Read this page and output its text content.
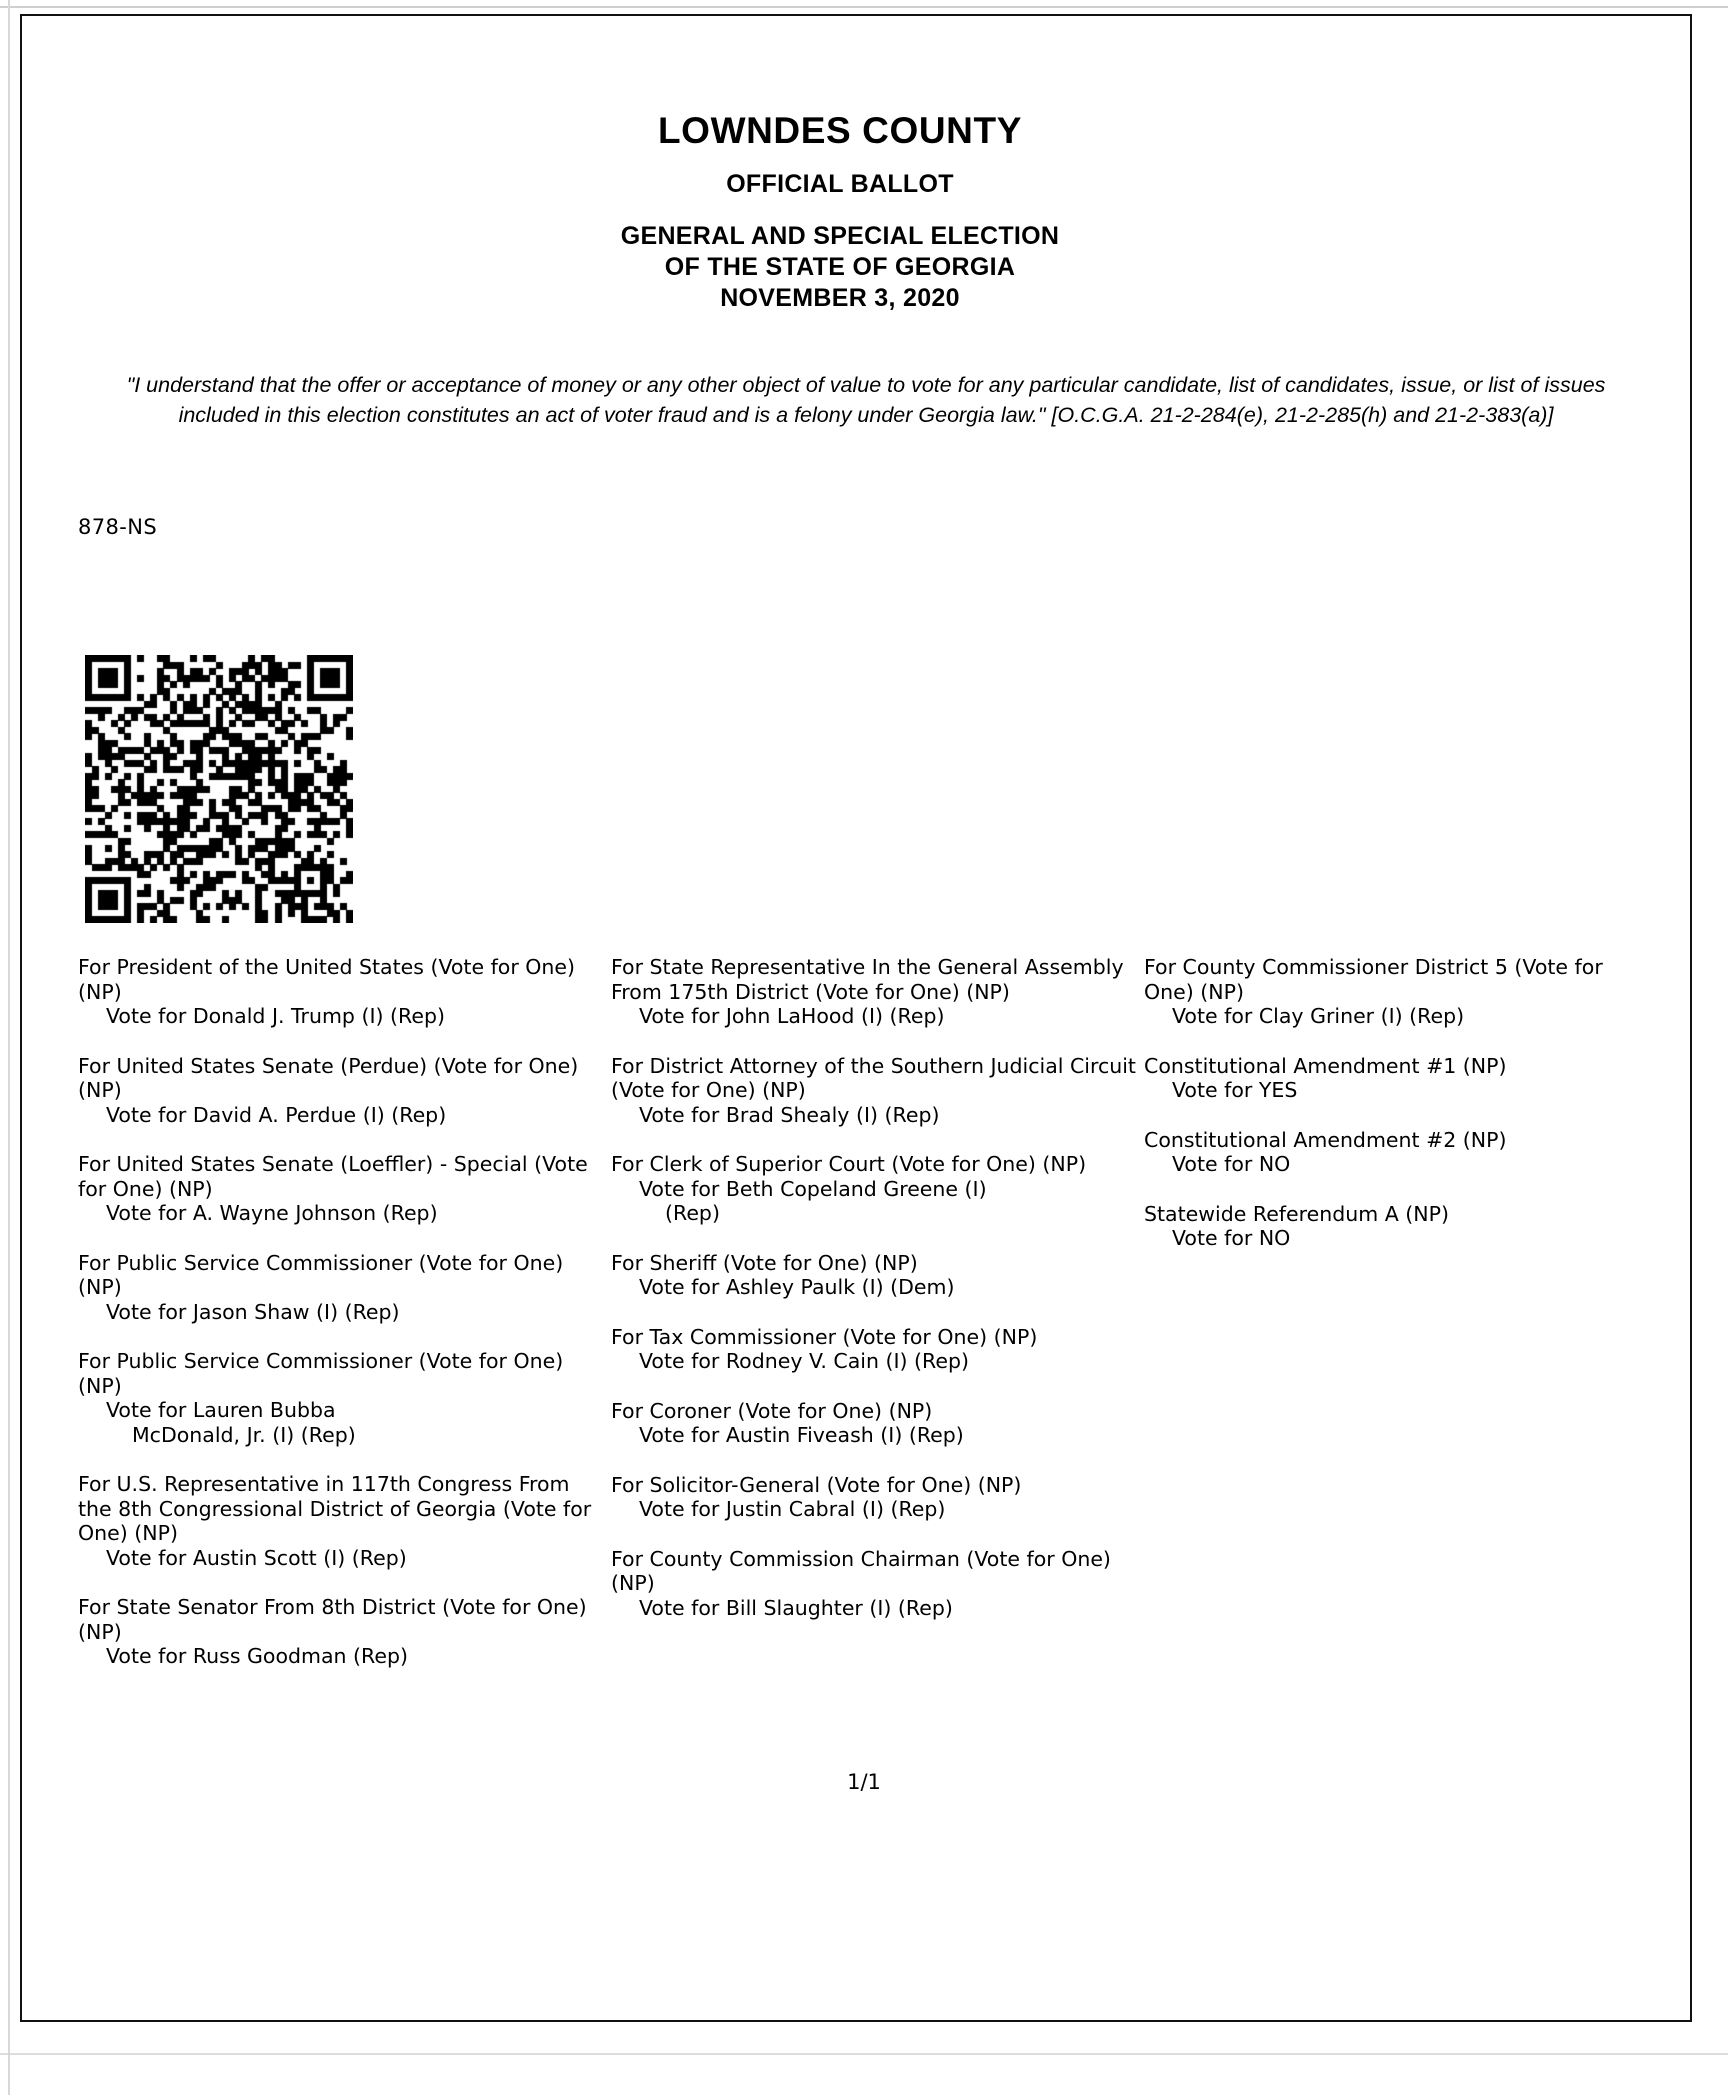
LOWNDES COUNTY
OFFICIAL BALLOT
GENERAL AND SPECIAL ELECTION
OF THE STATE OF GEORGIA
NOVEMBER 3, 2020
"I understand that the offer or acceptance of money or any other object of value to vote for any particular candidate, list of candidates, issue, or list of issues included in this election constitutes an act of voter fraud and is a felony under Georgia law." [O.C.G.A. 21-2-284(e), 21-2-285(h) and 21-2-383(a)]
878-NS
For President of the United States (Vote for One) (NP)
Vote for Donald J. Trump (I) (Rep)
For United States Senate (Perdue) (Vote for One) (NP)
Vote for David A. Perdue (I) (Rep)
For United States Senate (Loeffler) - Special (Vote for One) (NP)
Vote for A. Wayne Johnson (Rep)
For Public Service Commissioner (Vote for One) (NP)
Vote for Jason Shaw (I) (Rep)
For Public Service Commissioner (Vote for One) (NP)
Vote for Lauren Bubba
McDonald, Jr. (I) (Rep)
For U.S. Representative in 117th Congress From the 8th Congressional District of Georgia (Vote for One) (NP)
Vote for Austin Scott (I) (Rep)
For State Senator From 8th District (Vote for One) (NP)
Vote for Russ Goodman (Rep)
For State Representative In the General Assembly From 175th District (Vote for One) (NP)
Vote for John LaHood (I) (Rep)
For District Attorney of the Southern Judicial Circuit (Vote for One) (NP)
Vote for Brad Shealy (I) (Rep)
For Clerk of Superior Court (Vote for One) (NP)
Vote for Beth Copeland Greene (I)
(Rep)
For Sheriff (Vote for One) (NP)
Vote for Ashley Paulk (I) (Dem)
For Tax Commissioner (Vote for One) (NP)
Vote for Rodney V. Cain (I) (Rep)
For Coroner (Vote for One) (NP)
Vote for Austin Fiveash (I) (Rep)
For Solicitor-General (Vote for One) (NP)
Vote for Justin Cabral (I) (Rep)
For County Commission Chairman (Vote for One) (NP)
Vote for Bill Slaughter (I) (Rep)
For County Commissioner District 5 (Vote for One) (NP)
Vote for Clay Griner (I) (Rep)
Constitutional Amendment #1 (NP)
Vote for YES
Constitutional Amendment #2 (NP)
Vote for NO
Statewide Referendum A (NP)
Vote for NO
1/1
